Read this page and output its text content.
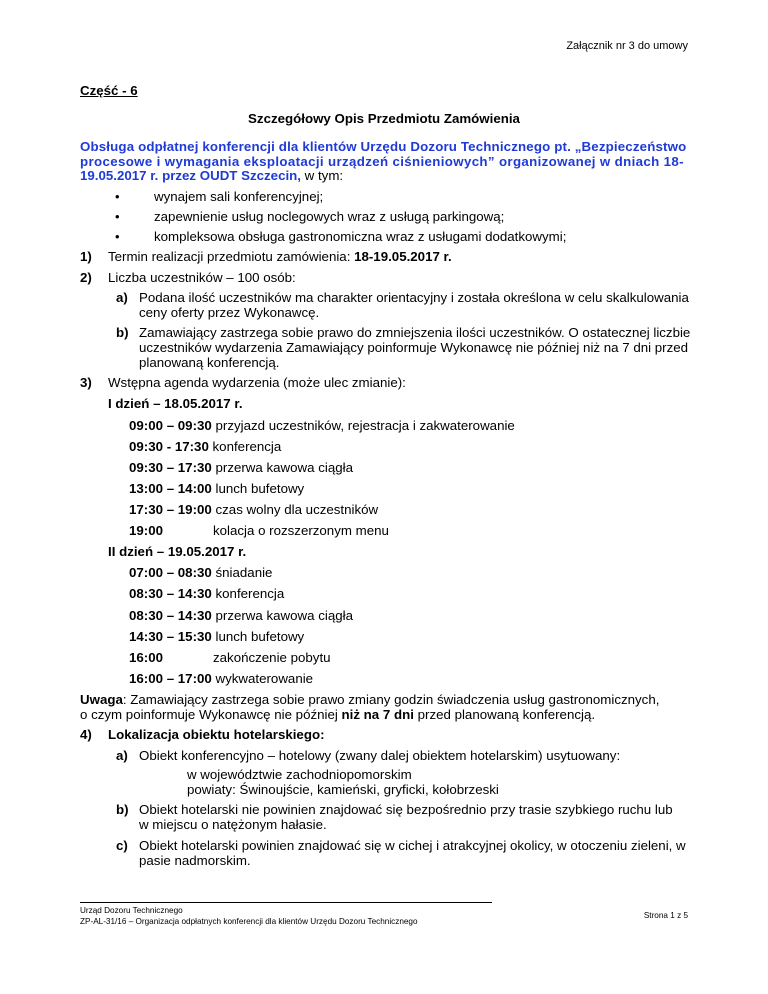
Załącznik nr 3 do umowy
Część - 6
Szczegółowy Opis Przedmiotu Zamówienia
Obsługa odpłatnej konferencji dla klientów Urzędu Dozoru Technicznego pt. „Bezpieczeństwo
procesowe i wymagania eksploatacji urządzeń ciśnieniowych” organizowanej w dniach 18-
19.05.2017 r. przez OUDT Szczecin, w tym:
•	wynajem sali konferencyjnej;
•	zapewnienie usług noclegowych wraz z usługą parkingową;
•	kompleksowa obsługa gastronomiczna wraz z usługami dodatkowymi;
1) Termin realizacji przedmiotu zamówienia: 18-19.05.2017 r.
2) Liczba uczestników – 100 osób:
a) Podana ilość uczestników ma charakter orientacyjny i została określona w celu skalkulowania
ceny oferty przez Wykonawcę.
b) Zamawiający zastrzega sobie prawo do zmniejszenia ilości uczestników. O ostatecznej liczbie
uczestników wydarzenia Zamawiający poinformuje Wykonawcę nie później niż na 7 dni przed
planowaną konferencją.
3) Wstępna agenda wydarzenia (może ulec zmianie):
I dzień – 18.05.2017 r.
09:00 – 09:30 przyjazd uczestników, rejestracja i zakwaterowanie
09:30 - 17:30 konferencja
09:30 – 17:30 przerwa kawowa ciągła
13:00 – 14:00 lunch bufetowy
17:30 – 19:00 czas wolny dla uczestników
19:00	kolacja o rozszerzonym menu
II dzień – 19.05.2017 r.
07:00 – 08:30 śniadanie
08:30 – 14:30 konferencja
08:30 – 14:30 przerwa kawowa ciągła
14:30 – 15:30 lunch bufetowy
16:00	zakończenie pobytu
16:00 – 17:00 wykwaterowanie
Uwaga: Zamawiający zastrzega sobie prawo zmiany godzin świadczenia usług gastronomicznych,
o czym poinformuje Wykonawcę nie później niż na 7 dni przed planowaną konferencją.
4) Lokalizacja obiektu hotelarskiego:
a) Obiekt konferencyjno – hotelowy (zwany dalej obiektem hotelarskim) usytuowany:
w województwie zachodniopomorskim
powiaty: Świnoujście, kamieński, gryficki, kołobrzeski
b) Obiekt hotelarski nie powinien znajdować się bezpośrednio przy trasie szybkiego ruchu lub
w miejscu o natężonym hałasie.
c) Obiekt hotelarski powinien znajdować się w cichej i atrakcyjnej okolicy, w otoczeniu zieleni, w
pasie nadmorskim.
Strona 1 z 5
Urząd Dozoru Technicznego
ZP-AL-31/16 – Organizacja odpłatnych konferencji dla klientów Urzędu Dozoru Technicznego
